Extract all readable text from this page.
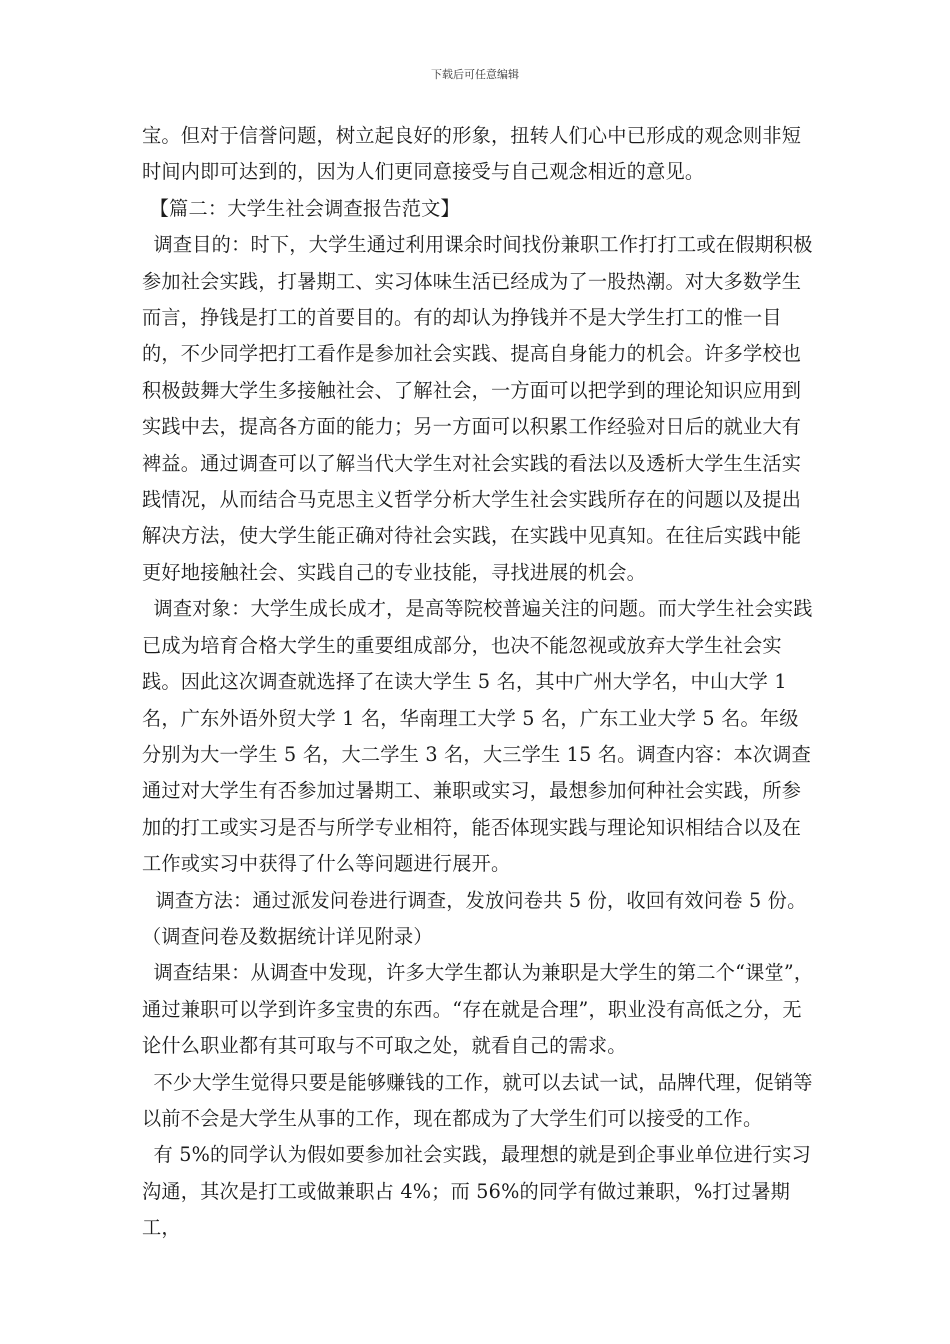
下载后可任意编辑

宝。但对于信誉问题，树立起良好的形象，扭转人们心中已形成的观念则非短时间内即可达到的，因为人们更同意接受与自己观念相近的意见。

【篇二：大学生社会调查报告范文】

调查目的：时下，大学生通过利用课余时间找份兼职工作打打工或在假期积极参加社会实践，打暑期工、实习体味生活已经成为了一股热潮。对大多数学生而言，挣钱是打工的首要目的。有的却认为挣钱并不是大学生打工的惟一目的，不少同学把打工看作是参加社会实践、提高自身能力的机会。许多学校也积极鼓舞大学生多接触社会、了解社会，一方面可以把学到的理论知识应用到实践中去，提高各方面的能力；另一方面可以积累工作经验对日后的就业大有裨益。通过调查可以了解当代大学生对社会实践的看法以及透析大学生生活实践情况，从而结合马克思主义哲学分析大学生社会实践所存在的问题以及提出解决方法，使大学生能正确对待社会实践，在实践中见真知。在往后实践中能更好地接触社会、实践自己的专业技能，寻找进展的机会。

调查对象：大学生成长成才，是高等院校普遍关注的问题。而大学生社会实践已成为培育合格大学生的重要组成部分，也决不能忽视或放弃大学生社会实践。因此这次调查就选择了在读大学生 5 名，其中广州大学名，中山大学 1 名，广东外语外贸大学 1 名，华南理工大学 5 名，广东工业大学 5 名。年级分别为大一学生 5 名，大二学生 3 名，大三学生 15 名。调查内容：本次调查通过对大学生有否参加过暑期工、兼职或实习，最想参加何种社会实践，所参加的打工或实习是否与所学专业相符，能否体现实践与理论知识相结合以及在工作或实习中获得了什么等问题进行展开。

调查方法：通过派发问卷进行调查，发放问卷共 5 份，收回有效问卷 5 份。（调查问卷及数据统计详见附录）

调查结果：从调查中发现，许多大学生都认为兼职是大学生的第二个“课堂”，通过兼职可以学到许多宝贵的东西。“存在就是合理”，职业没有高低之分，无论什么职业都有其可取与不可取之处，就看自己的需求。

不少大学生觉得只要是能够赚钱的工作，就可以去试一试，品牌代理，促销等以前不会是大学生从事的工作，现在都成为了大学生们可以接受的工作。

有 5%的同学认为假如要参加社会实践，最理想的就是到企事业单位进行实习沟通，其次是打工或做兼职占 4%；而 56%的同学有做过兼职，%打过暑期工，
